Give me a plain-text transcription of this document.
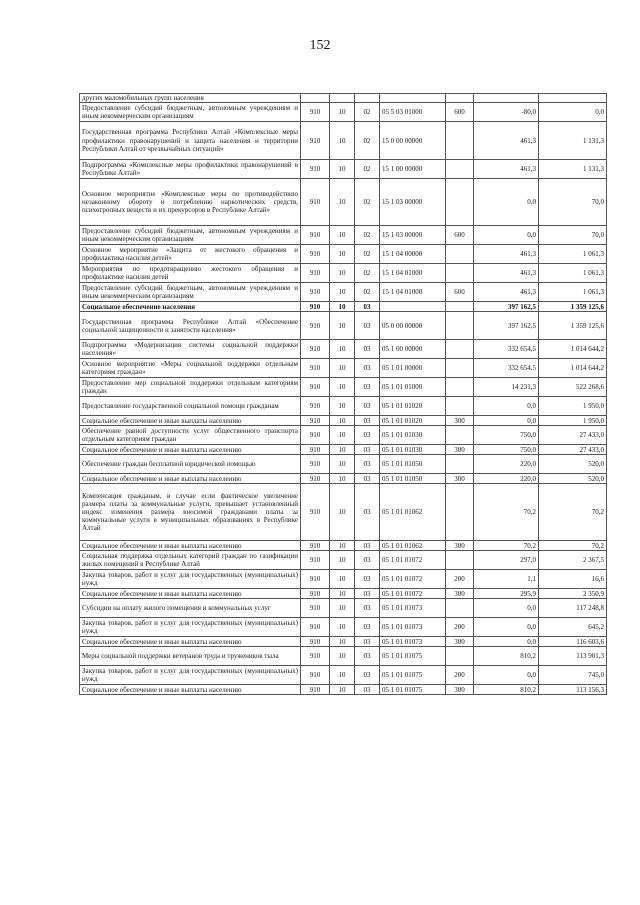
152
других маломобильных групп населения							
Предоставление субсидий бюджетным, автономным учреждениям и иным некоммерческим организациям	910	10	02	05 5 03 01000	600	-80,0	0,0
Государственная программа Республики Алтай «Комплексные меры профилактики правонарушений и защита населения и территории Республики Алтай от чрезвычайных ситуаций»	910	10	02	15 0 00 00000		461,3	1 131,3
Подпрограмма «Комплексные меры профилактики правонарушений в Республике Алтай»	910	10	02	15 1 00 00000		461,3	1 131,3
Основное мероприятие «Комплексные меры по противодействию незаконному обороту и потреблению наркотических средств, психотропных веществ и их прекурсоров в Республике Алтай»	910	10	02	15 1 03 00000		0,0	70,0
Предоставление субсидий бюджетным, автономным учреждениям и иным некоммерческим организациям	910	10	02	15 1 03 00000	600	0,0	70,0
Основное мероприятие «Защита от жестокого обращения и профилактика насилия детей»	910	10	02	15 1 04 00000		461,3	1 061,3
Мероприятия по предотвращению жестокого обращения и профилактике насилия детей	910	10	02	15 1 04 01000		461,3	1 061,3
Предоставление субсидий бюджетным, автономным учреждениям и иным некоммерческим организациям	910	10	02	15 1 04 01000	600	461,3	1 061,3
Социальное обеспечение населения	910	10	03			397 162,5	1 359 125,6
Государственная программа Республики Алтай «Обеспечение социальной защищенности и занятости населения»	910	10	03	05 0 00 00000		397 162,5	1 359 125,6
Подпрограмма «Модернизация системы социальной поддержки населения»	910	10	03	05 1 00 00000		332 654,5	1 014 644,2
Основное мероприятие «Меры социальной поддержки отдельным категориям граждан»	910	10	03	05 1 01 00000		332 654,5	1 014 644,2
Предоставление мер социальной поддержки отдельным категориям граждан	910	10	03	05 1 01 01000		14 231,3	522 268,6
Предоставление государственной социальной помощи гражданам	910	10	03	05 1 01 01020		0,0	1 950,0
Социальное обеспечение и иные выплаты населению	910	10	03	05 1 01 01020	300	0,0	1 950,0
Обеспечение равной доступности услуг общественного транспорта отдельным категориям граждан	910	10	03	05 1 01 01030		750,0	27 433,0
Социальное обеспечение и иные выплаты населению	910	10	03	05 1 01 01030	300	750,0	27 433,0
Обеспечение граждан бесплатной юридической помощью	910	10	03	05 1 01 01050		220,0	520,0
Социальное обеспечение и иные выплаты населению	910	10	03	05 1 01 01050	300	220,0	520,0
Компенсация гражданам, в случае если фактическое увеличение размера платы за коммунальные услуги, превышает установленный индекс изменения размера вносимой гражданами платы за коммунальные услуги в муниципальных образованиях в Республике Алтай	910	10	03	05 1 01 01062		70,2	70,2
Социальное обеспечение и иные выплаты населению	910	10	03	05 1 01 01062	300	70,2	70,2
Социальная поддержка отдельных категорий граждан по газификации жилых помещений в Республике Алтай	910	10	03	05 1 01 01072		297,0	2 367,5
Закупка товаров, работ и услуг для государственных (муниципальных) нужд	910	10	03	05 1 01 01072	200	1,1	16,6
Социальное обеспечение и иные выплаты населению	910	10	03	05 1 01 01072	300	295,9	2 350,9
Субсидии на оплату жилого помещения и коммунальных услуг	910	10	03	05 1 01 01073		0,0	117 248,8
Закупка товаров, работ и услуг для государственных (муниципальных) нужд	910	10	03	05 1 01 01073	200	0,0	645,2
Социальное обеспечение и иные выплаты населению	910	10	03	05 1 01 01073	300	0,0	116 603,6
Меры социальной поддержки ветеранов труда и тружеников тыла	910	10	03	05 1 01 01075		810,2	113 901,3
Закупка товаров, работ и услуг для государственных (муниципальных) нужд	910	10	03	05 1 01 01075	200	0,0	745,0
Социальное обеспечение и иные выплаты населению	910	10	03	05 1 01 01075	300	810,2	113 156,3
